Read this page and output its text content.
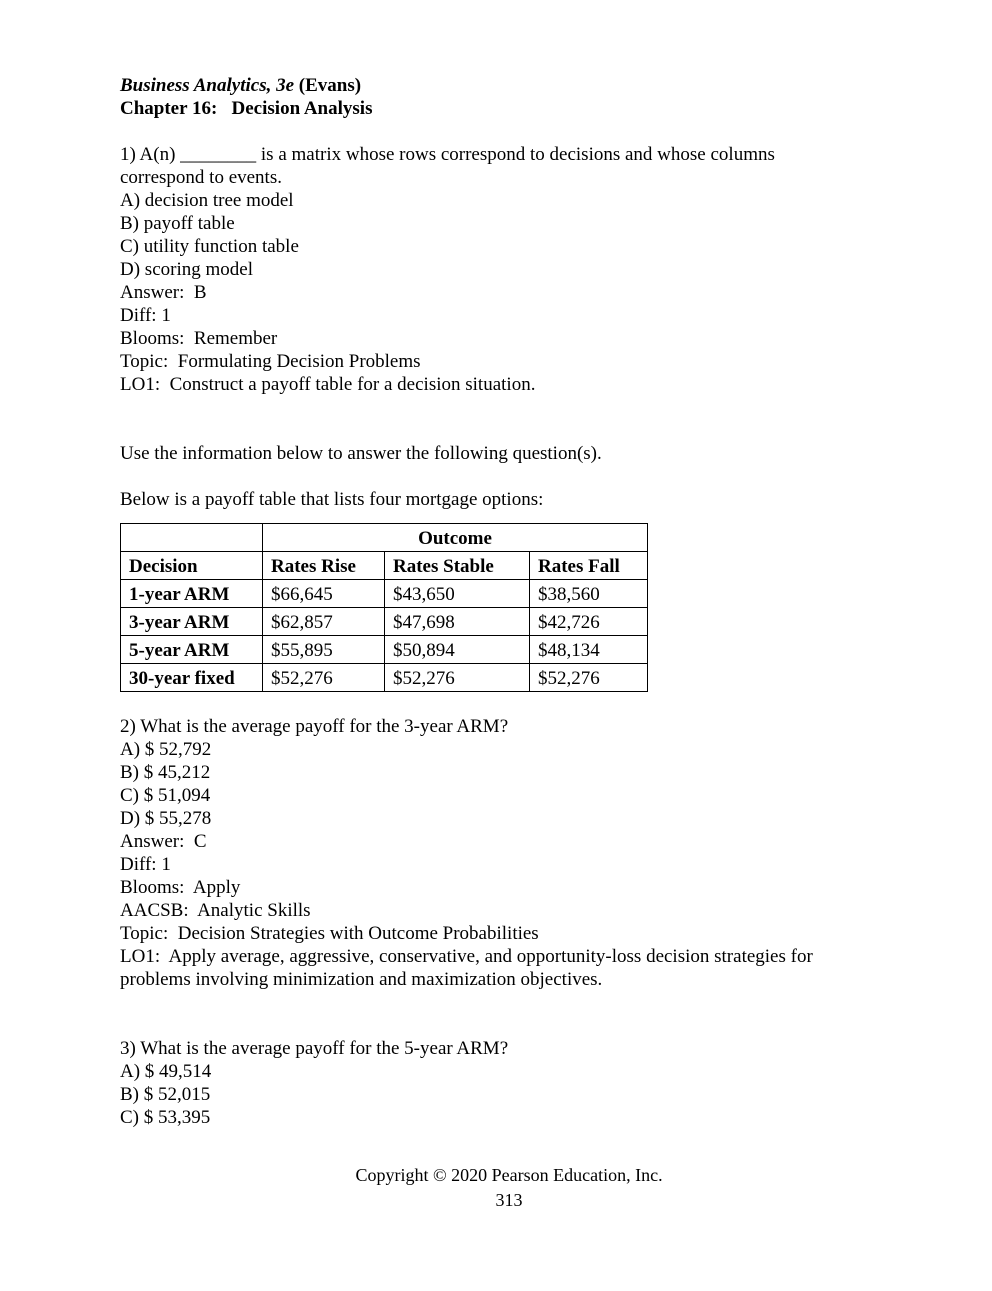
Business Analytics, 3e (Evans)
Chapter 16:   Decision Analysis
1) A(n) ________ is a matrix whose rows correspond to decisions and whose columns
correspond to events.
A) decision tree model
B) payoff table
C) utility function table
D) scoring model
Answer:  B
Diff: 1
Blooms:  Remember
Topic:  Formulating Decision Problems
LO1:  Construct a payoff table for a decision situation.
Use the information below to answer the following question(s).
Below is a payoff table that lists four mortgage options:
	Outcome		
Decision	Rates Rise	Rates Stable	Rates Fall
1-year ARM	$66,645	$43,650	$38,560
3-year ARM	$62,857	$47,698	$42,726
5-year ARM	$55,895	$50,894	$48,134
30-year fixed	$52,276	$52,276	$52,276
2) What is the average payoff for the 3-year ARM?
A) $ 52,792
B) $ 45,212
C) $ 51,094
D) $ 55,278
Answer:  C
Diff: 1
Blooms:  Apply
AACSB:  Analytic Skills
Topic:  Decision Strategies with Outcome Probabilities
LO1:  Apply average, aggressive, conservative, and opportunity-loss decision strategies for
problems involving minimization and maximization objectives.
3) What is the average payoff for the 5-year ARM?
A) $ 49,514
B) $ 52,015
C) $ 53,395
Copyright © 2020 Pearson Education, Inc.
313
